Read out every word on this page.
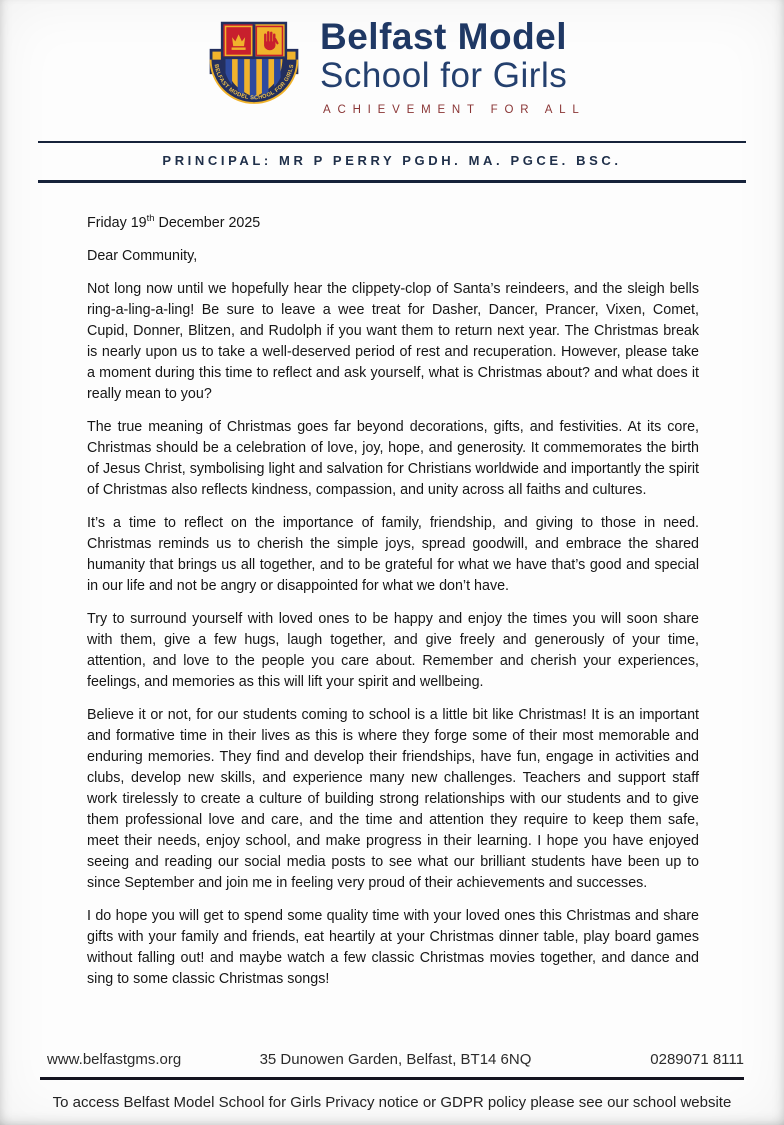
BELFAST MODEL SCHOOL FOR GIRLS
Belfast Model
School for Girls
ACHIEVEMENT FOR ALL
PRINCIPAL: MR P PERRY PGDH. MA. PGCE. BSC.

Friday 19th December 2025

Dear Community,

Not long now until we hopefully hear the clippety-clop of Santa’s reindeers, and the sleigh bells ring-a-ling-a-ling! Be sure to leave a wee treat for Dasher, Dancer, Prancer, Vixen, Comet, Cupid, Donner, Blitzen, and Rudolph if you want them to return next year. The Christmas break is nearly upon us to take a well-deserved period of rest and recuperation. However, please take a moment during this time to reflect and ask yourself, what is Christmas about? and what does it really mean to you?

The true meaning of Christmas goes far beyond decorations, gifts, and festivities. At its core, Christmas should be a celebration of love, joy, hope, and generosity. It commemorates the birth of Jesus Christ, symbolising light and salvation for Christians worldwide and importantly the spirit of Christmas also reflects kindness, compassion, and unity across all faiths and cultures.

It’s a time to reflect on the importance of family, friendship, and giving to those in need. Christmas reminds us to cherish the simple joys, spread goodwill, and embrace the shared humanity that brings us all together, and to be grateful for what we have that’s good and special in our life and not be angry or disappointed for what we don’t have.

Try to surround yourself with loved ones to be happy and enjoy the times you will soon share with them, give a few hugs, laugh together, and give freely and generously of your time, attention, and love to the people you care about. Remember and cherish your experiences, feelings, and memories as this will lift your spirit and wellbeing.

Believe it or not, for our students coming to school is a little bit like Christmas! It is an important and formative time in their lives as this is where they forge some of their most memorable and enduring memories. They find and develop their friendships, have fun, engage in activities and clubs, develop new skills, and experience many new challenges. Teachers and support staff work tirelessly to create a culture of building strong relationships with our students and to give them professional love and care, and the time and attention they require to keep them safe, meet their needs, enjoy school, and make progress in their learning. I hope you have enjoyed seeing and reading our social media posts to see what our brilliant students have been up to since September and join me in feeling very proud of their achievements and successes.

I do hope you will get to spend some quality time with your loved ones this Christmas and share gifts with your family and friends, eat heartily at your Christmas dinner table, play board games without falling out! and maybe watch a few classic Christmas movies together, and dance and sing to some classic Christmas songs!

www.belfastgms.org	35 Dunowen Garden, Belfast, BT14 6NQ	0289071 8111
To access Belfast Model School for Girls Privacy notice or GDPR policy please see our school website
